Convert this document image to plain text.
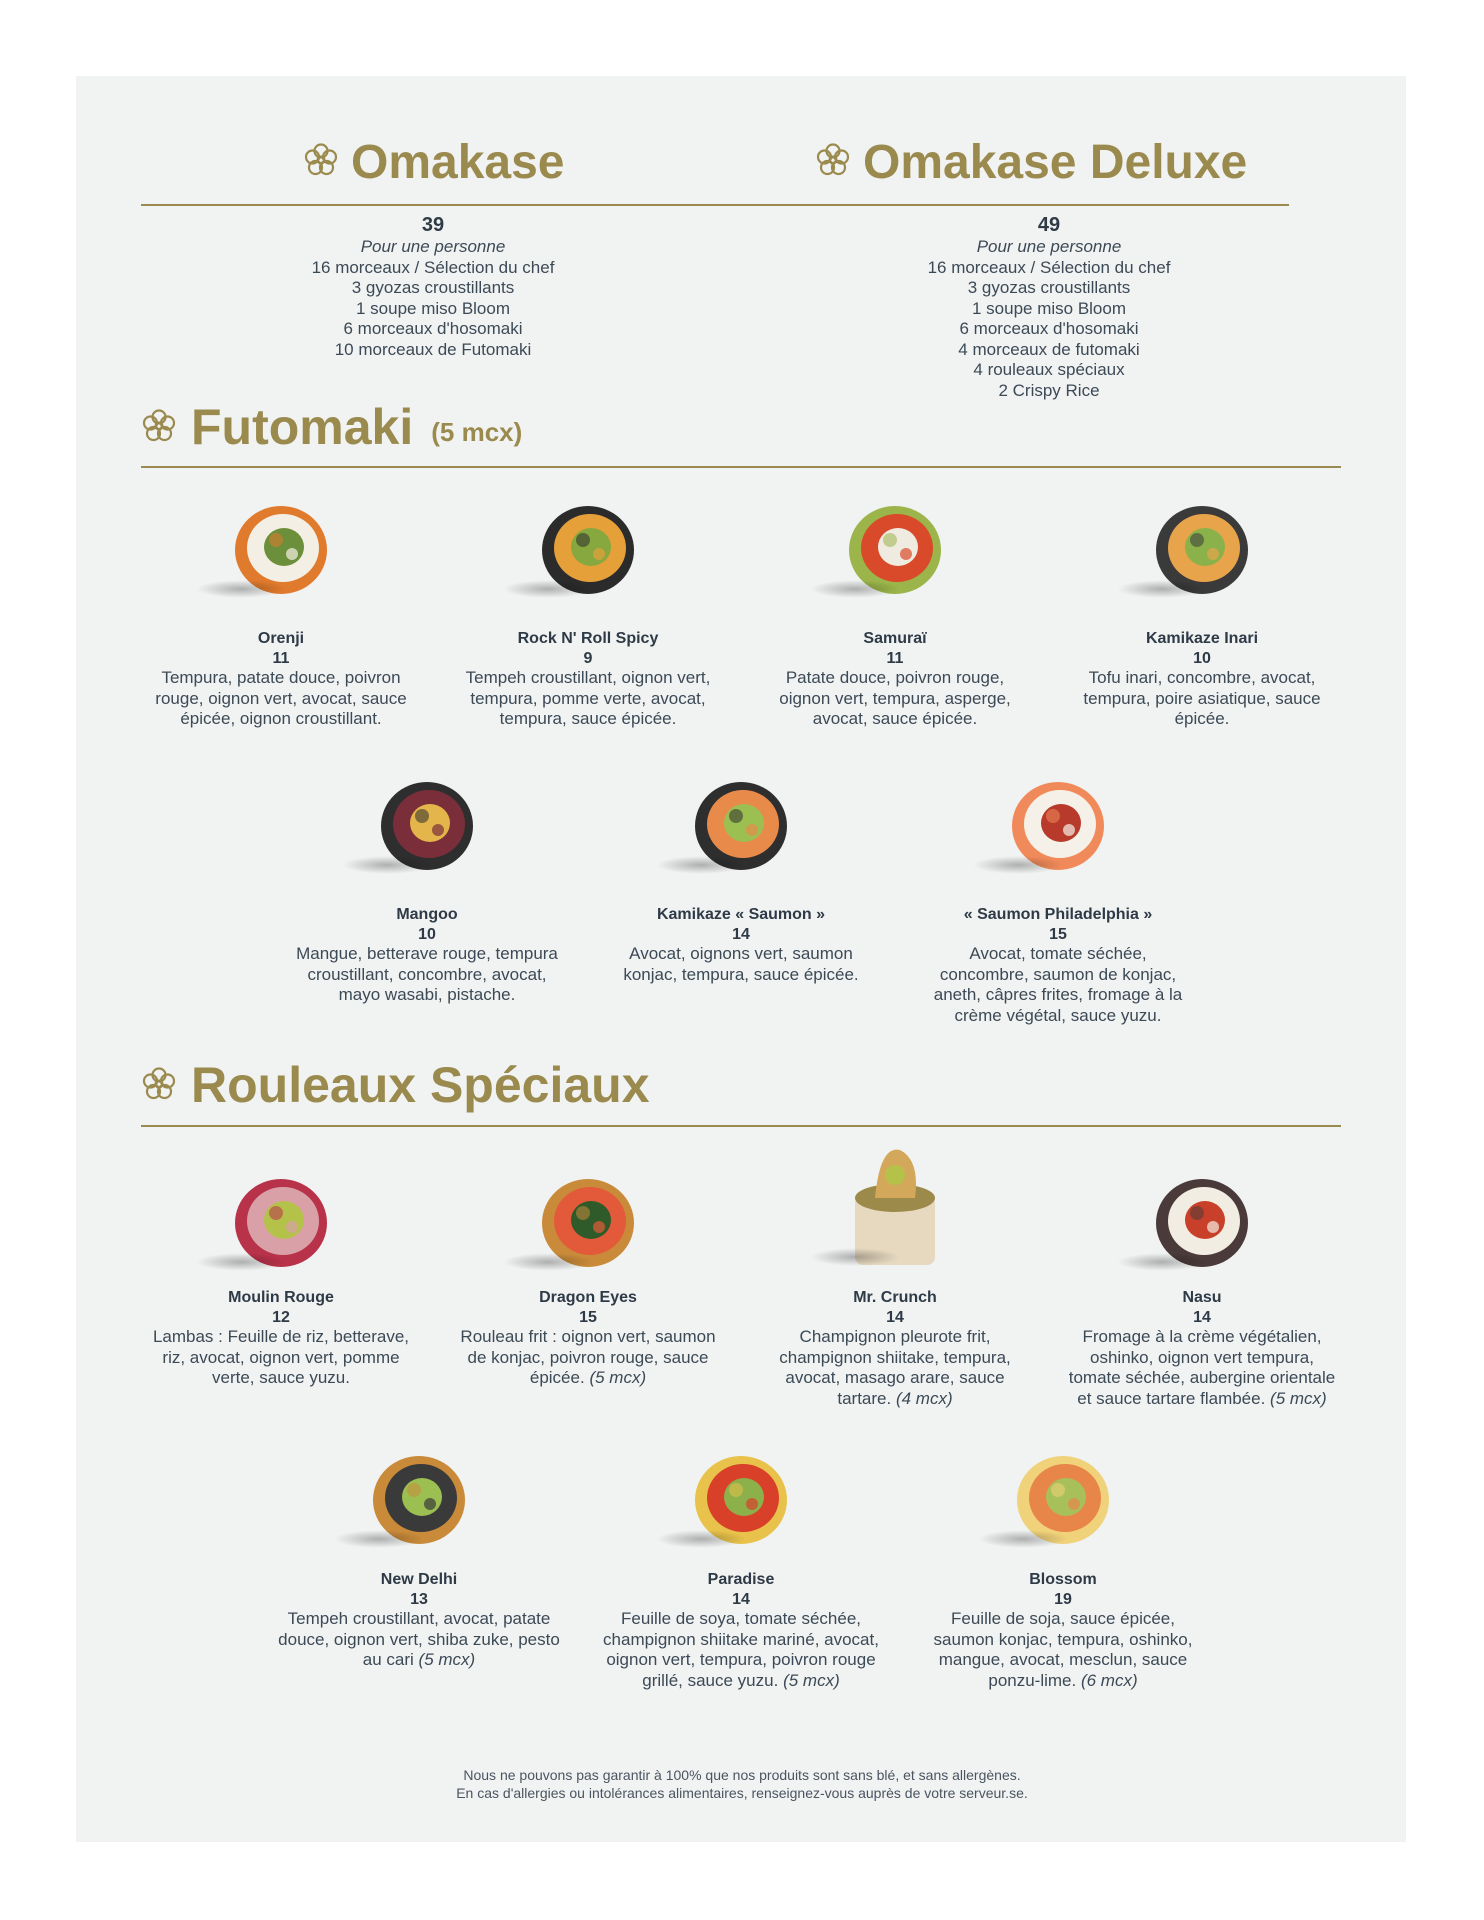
Omakase	Omakase Deluxe
39
Pour une personne
16 morceaux / Sélection du chef
3 gyozas croustillants
1 soupe miso Bloom
6 morceaux d'hosomaki
10 morceaux de Futomaki
49
Pour une personne
16 morceaux / Sélection du chef
3 gyozas croustillants
1 soupe miso Bloom
6 morceaux d'hosomaki
4 morceaux de futomaki
4 rouleaux spéciaux
2 Crispy Rice
Futomaki (5 mcx)
Orenji
11
Tempura, patate douce, poivron rouge, oignon vert, avocat, sauce épicée, oignon croustillant.
Rock N' Roll Spicy
9
Tempeh croustillant, oignon vert, tempura, pomme verte, avocat, tempura, sauce épicée.
Samuraï
11
Patate douce, poivron rouge, oignon vert, tempura, asperge, avocat, sauce épicée.
Kamikaze Inari
10
Tofu inari, concombre, avocat, tempura, poire asiatique, sauce épicée.
Mangoo
10
Mangue, betterave rouge, tempura croustillant, concombre, avocat, mayo wasabi, pistache.
Kamikaze « Saumon »
14
Avocat, oignons vert, saumon konjac, tempura, sauce épicée.
« Saumon Philadelphia »
15
Avocat, tomate séchée, concombre, saumon de konjac, aneth, câpres frites, fromage à la crème végétal, sauce yuzu.
Rouleaux Spéciaux
Moulin Rouge
12
Lambas : Feuille de riz, betterave, riz, avocat, oignon vert, pomme verte, sauce yuzu.
Dragon Eyes
15
Rouleau frit : oignon vert, saumon de konjac, poivron rouge, sauce épicée. (5 mcx)
Mr. Crunch
14
Champignon pleurote frit, champignon shiitake, tempura, avocat, masago arare, sauce tartare. (4 mcx)
Nasu
14
Fromage à la crème végétalien, oshinko, oignon vert tempura, tomate séchée, aubergine orientale et sauce tartare flambée. (5 mcx)
New Delhi
13
Tempeh croustillant, avocat, patate douce, oignon vert, shiba zuke, pesto au cari (5 mcx)
Paradise
14
Feuille de soya, tomate séchée, champignon shiitake mariné, avocat, oignon vert, tempura, poivron rouge grillé, sauce yuzu. (5 mcx)
Blossom
19
Feuille de soja, sauce épicée, saumon konjac, tempura, oshinko, mangue, avocat, mesclun, sauce ponzu-lime. (6 mcx)
Nous ne pouvons pas garantir à 100% que nos produits sont sans blé, et sans allergènes.
En cas d'allergies ou intolérances alimentaires, renseignez-vous auprès de votre serveur.se.
